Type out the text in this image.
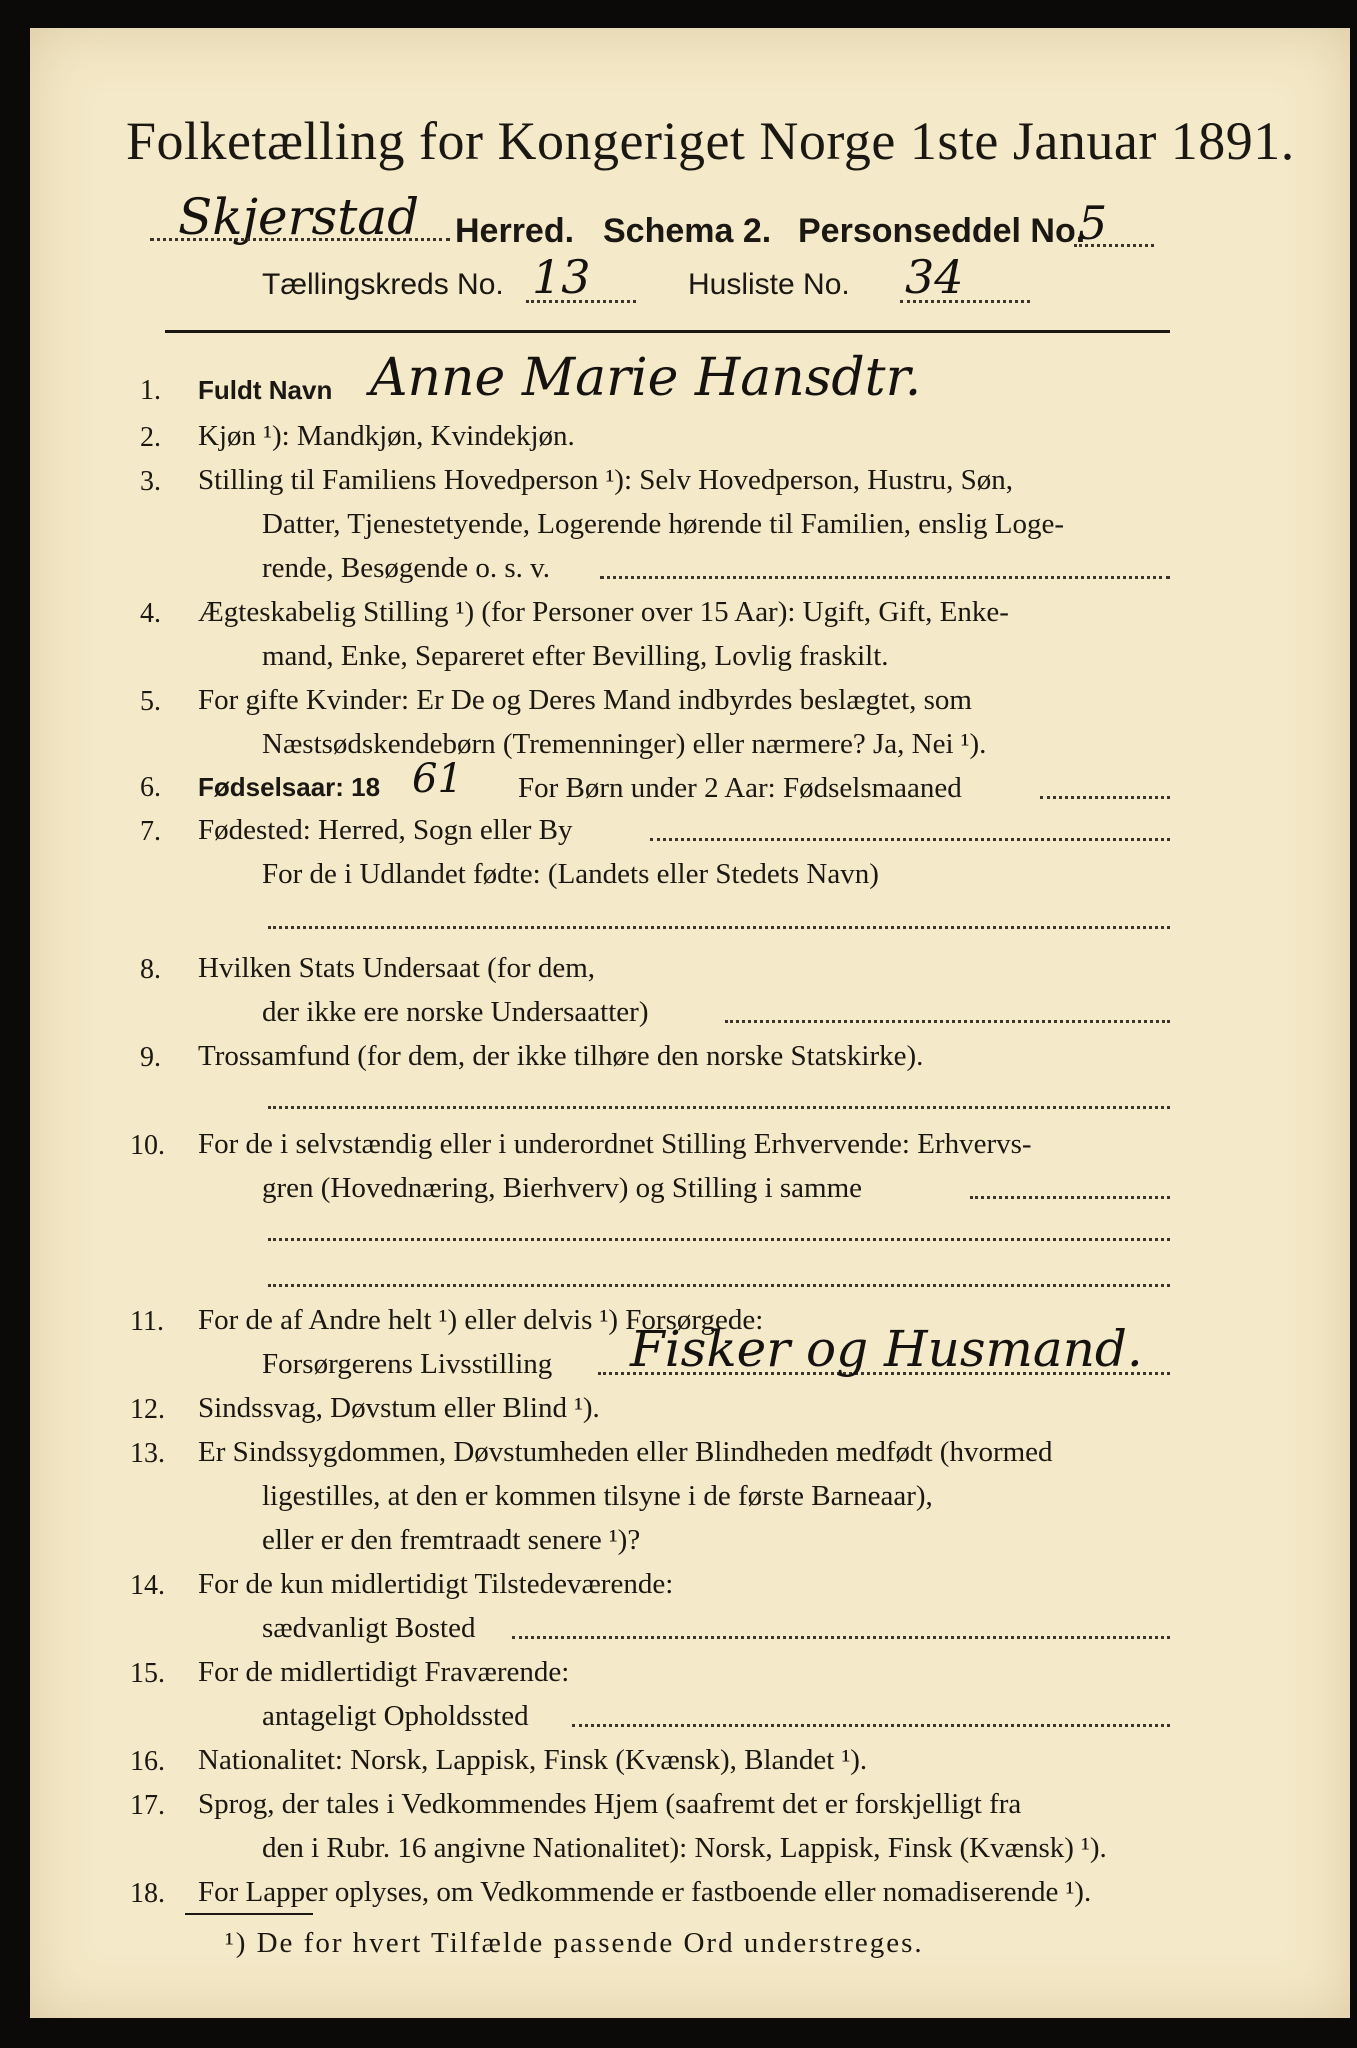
Folketælling for Kongeriget Norge 1ste Januar 1891.
Skjerstad Herred. Schema 2. Personseddel No.
5
Tællingskreds No. 13	Husliste No. 34
1. Fuldt Navn Anne Marie Hansdtr.
2. Kjøn ¹): Mandkjøn, Kvindekjøn.
3. Stilling til Familiens Hovedperson ¹): Selv Hovedperson, Hustru, Søn,
Datter, Tjenestetyende, Logerende hørende til Familien, enslig Loge-
rende, Besøgende o. s. v.
4. Ægteskabelig Stilling ¹) (for Personer over 15 Aar): Ugift, Gift, Enke-
mand, Enke, Separeret efter Bevilling, Lovlig fraskilt.
5. For gifte Kvinder: Er De og Deres Mand indbyrdes beslægtet, som
Næstsødskendebørn (Tremenninger) eller nærmere? Ja, Nei ¹).
6. Fødselsaar: 18 61 For Børn under 2 Aar: Fødselsmaaned
7. Fødested: Herred, Sogn eller By
For de i Udlandet fødte: (Landets eller Stedets Navn)
8. Hvilken Stats Undersaat (for dem,
der ikke ere norske Undersaatter)
9. Trossamfund (for dem, der ikke tilhøre den norske Statskirke).
10. For de i selvstændig eller i underordnet Stilling Erhvervende: Erhvervs-
gren (Hovednæring, Bierhverv) og Stilling i samme
11. For de af Andre helt ¹) eller delvis ¹) Forsørgede:
Forsørgerens Livsstilling Fisker og Husmand.
12. Sindssvag, Døvstum eller Blind ¹).
13. Er Sindssygdommen, Døvstumheden eller Blindheden medfødt (hvormed
ligestilles, at den er kommen tilsyne i de første Barneaar),
eller er den fremtraadt senere ¹)?
14. For de kun midlertidigt Tilstedeværende:
sædvanligt Bosted
15. For de midlertidigt Fraværende:
antageligt Opholdssted
16. Nationalitet: Norsk, Lappisk, Finsk (Kvænsk), Blandet ¹).
17. Sprog, der tales i Vedkommendes Hjem (saafremt det er forskjelligt fra
den i Rubr. 16 angivne Nationalitet): Norsk, Lappisk, Finsk (Kvænsk) ¹).
18. For Lapper oplyses, om Vedkommende er fastboende eller nomadiserende ¹).
¹) De for hvert Tilfælde passende Ord understreges.
